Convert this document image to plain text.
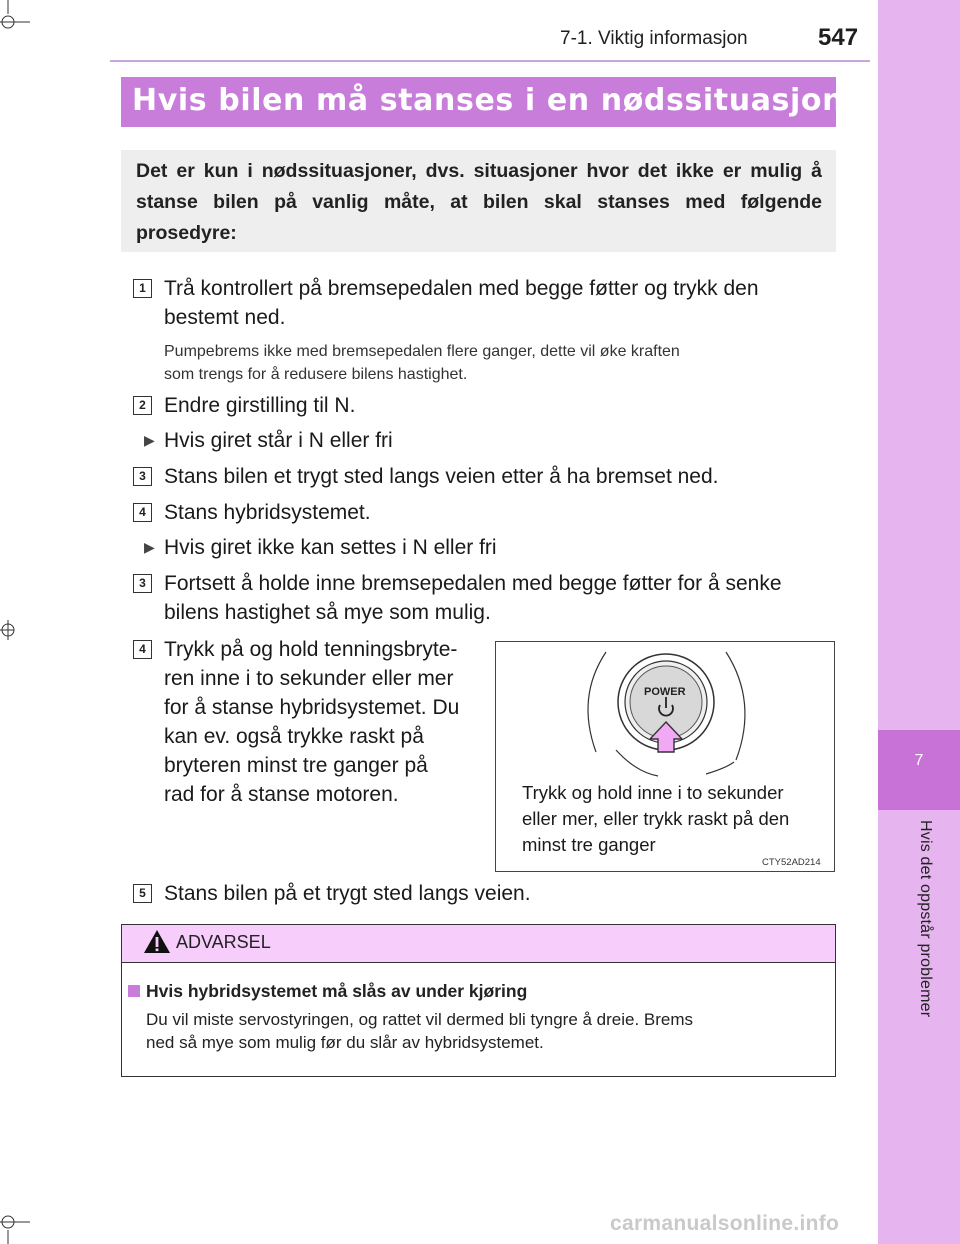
7
Hvis det oppstår problemer
7-1. Viktig informasjon	547
Hvis bilen må stanses i en nødssituasjon
Det er kun i nødssituasjoner, dvs. situasjoner hvor det ikke er mulig å stanse bilen på vanlig måte, at bilen skal stanses med følgende prosedyre:
1 Trå kontrollert på bremsepedalen med begge føtter og trykk den
bestemt ned.
Pumpebrems ikke med bremsepedalen flere ganger, dette vil øke kraften
som trengs for å redusere bilens hastighet.
2 Endre girstilling til N.
▶ Hvis giret står i N eller fri
3 Stans bilen et trygt sted langs veien etter å ha bremset ned.
4 Stans hybridsystemet.
▶ Hvis giret ikke kan settes i N eller fri
3 Fortsett å holde inne bremsepedalen med begge føtter for å senke
bilens hastighet så mye som mulig.
4 Trykk på og hold tenningsbryte-
ren inne i to sekunder eller mer
for å stanse hybridsystemet. Du
kan ev. også trykke raskt på
bryteren minst tre ganger på
rad for å stanse motoren.
POWER
Trykk og hold inne i to sekunder
eller mer, eller trykk raskt på den
minst tre ganger
CTY52AD214
5 Stans bilen på et trygt sted langs veien.
ADVARSEL
Hvis hybridsystemet må slås av under kjøring
Du vil miste servostyringen, og rattet vil dermed bli tyngre å dreie. Brems
ned så mye som mulig før du slår av hybridsystemet.
carmanualsonline.info
